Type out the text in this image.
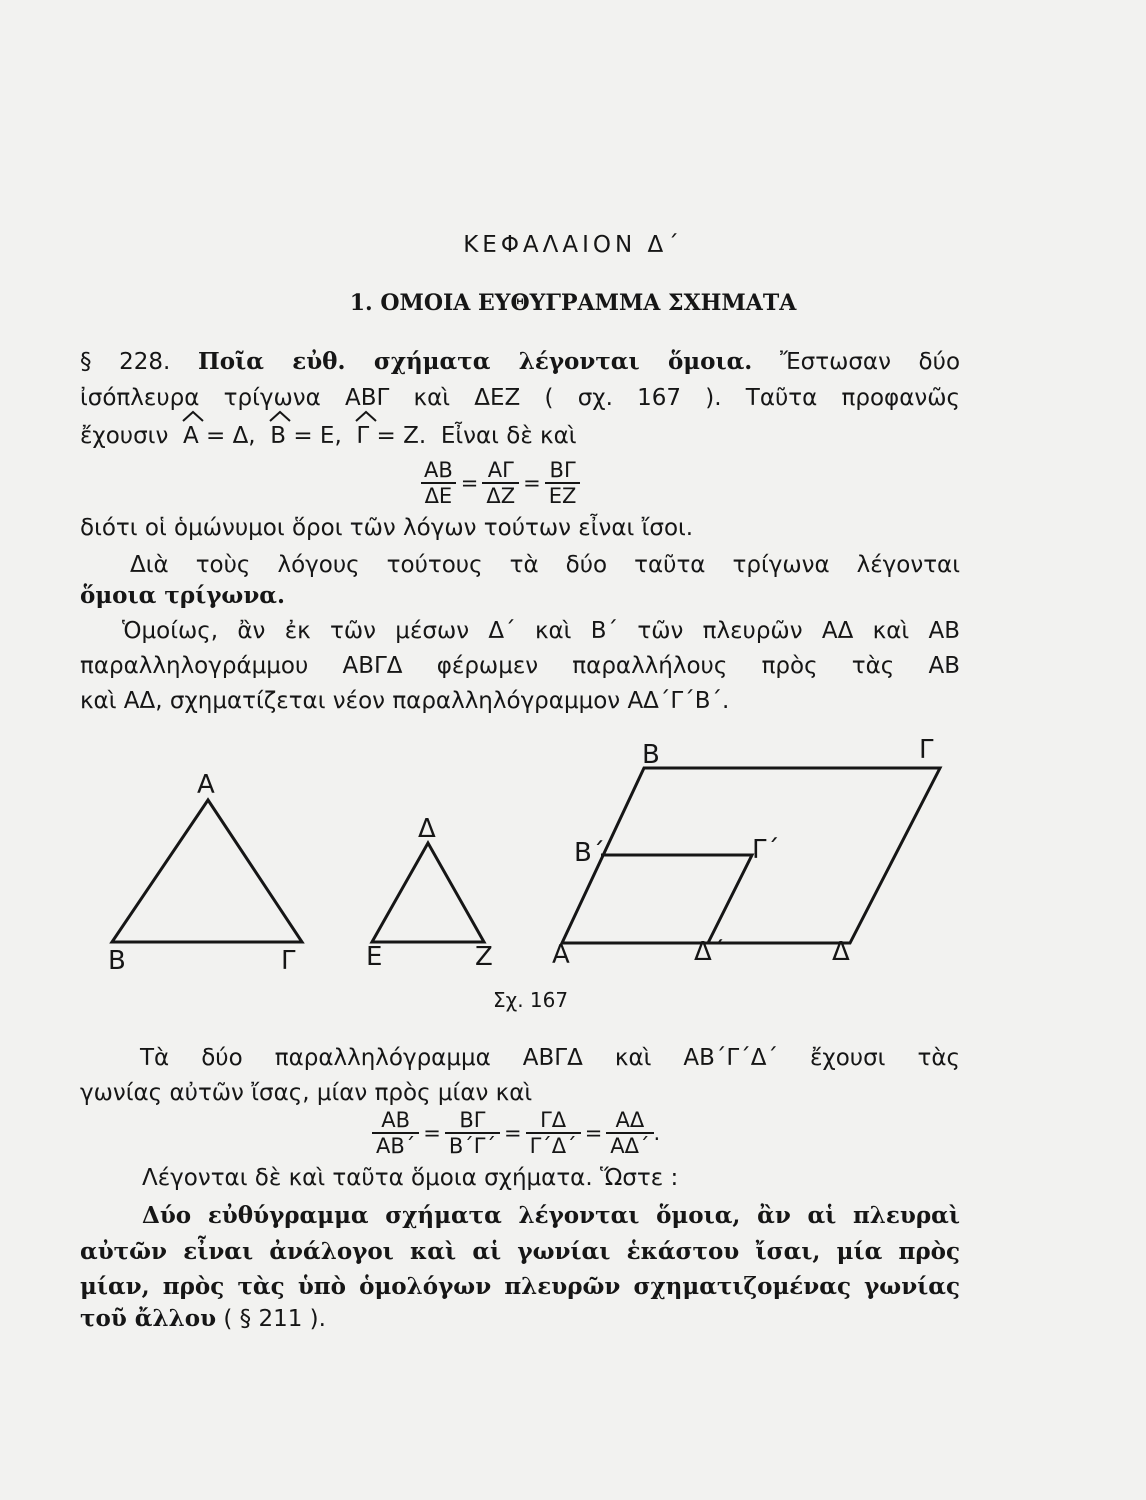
ΚΕΦΑΛΑΙΟΝ Δ΄
1. ΟΜΟΙΑ ΕΥΘΥΓΡΑΜΜΑ ΣΧΗΜΑΤΑ
§ 228. Ποῖα εὐθ. σχήματα λέγονται ὅμοια. Ἔστωσαν δύο
ἰσόπλευρα τρίγωνα ΑΒΓ καὶ ΔΕΖ ( σχ. 167 ). Ταῦτα προφανῶς
ἔχουσιν Α = Δ, Β = Ε, Γ = Ζ. Εἶναι δὲ καὶ
$\frac{AB}{\Delta E} = \frac{A\Gamma}{\Delta Z} = \frac{B\Gamma}{EZ}$
διότι οἱ ὁμώνυμοι ὅροι τῶν λόγων τούτων εἶναι ἴσοι.
Διὰ τοὺς λόγους τούτους τὰ δύο ταῦτα τρίγωνα λέγονται
ὅμοια τρίγωνα.
Ὁμοίως, ἂν ἐκ τῶν μέσων Δ΄ καὶ Β΄ τῶν πλευρῶν ΑΔ καὶ ΑΒ
παραλληλογράμμου ΑΒΓΔ φέρωμεν παραλλήλους πρὸς τὰς ΑΒ
καὶ ΑΔ, σχηματίζεται νέον παραλληλόγραμμον ΑΔ΄Γ΄Β΄.
Α
Β	Γ
Δ
Ε	Ζ
Β	Γ
Β΄	Γ΄
Α	Δ΄	Δ
Σχ. 167
Τὰ δύο παραλληλόγραμμα ΑΒΓΔ καὶ ΑΒ΄Γ΄Δ΄ ἔχουσι τὰς
γωνίας αὐτῶν ἴσας, μίαν πρὸς μίαν καὶ
$\frac{AB}{AB΄} = \frac{B\Gamma}{B΄\Gamma΄} = \frac{\Gamma\Delta}{\Gamma΄\Delta΄} = \frac{A\Delta}{A\Delta΄}$ .
Λέγονται δὲ καὶ ταῦτα ὅμοια σχήματα. Ὥστε :
Δύο εὐθύγραμμα σχήματα λέγονται ὅμοια, ἂν αἱ πλευραὶ
αὐτῶν εἶναι ἀνάλογοι καὶ αἱ γωνίαι ἑκάστου ἴσαι, μία πρὸς
μίαν, πρὸς τὰς ὑπὸ ὁμολόγων πλευρῶν σχηματιζομένας γωνίας
τοῦ ἄλλου ( § 211 ).
